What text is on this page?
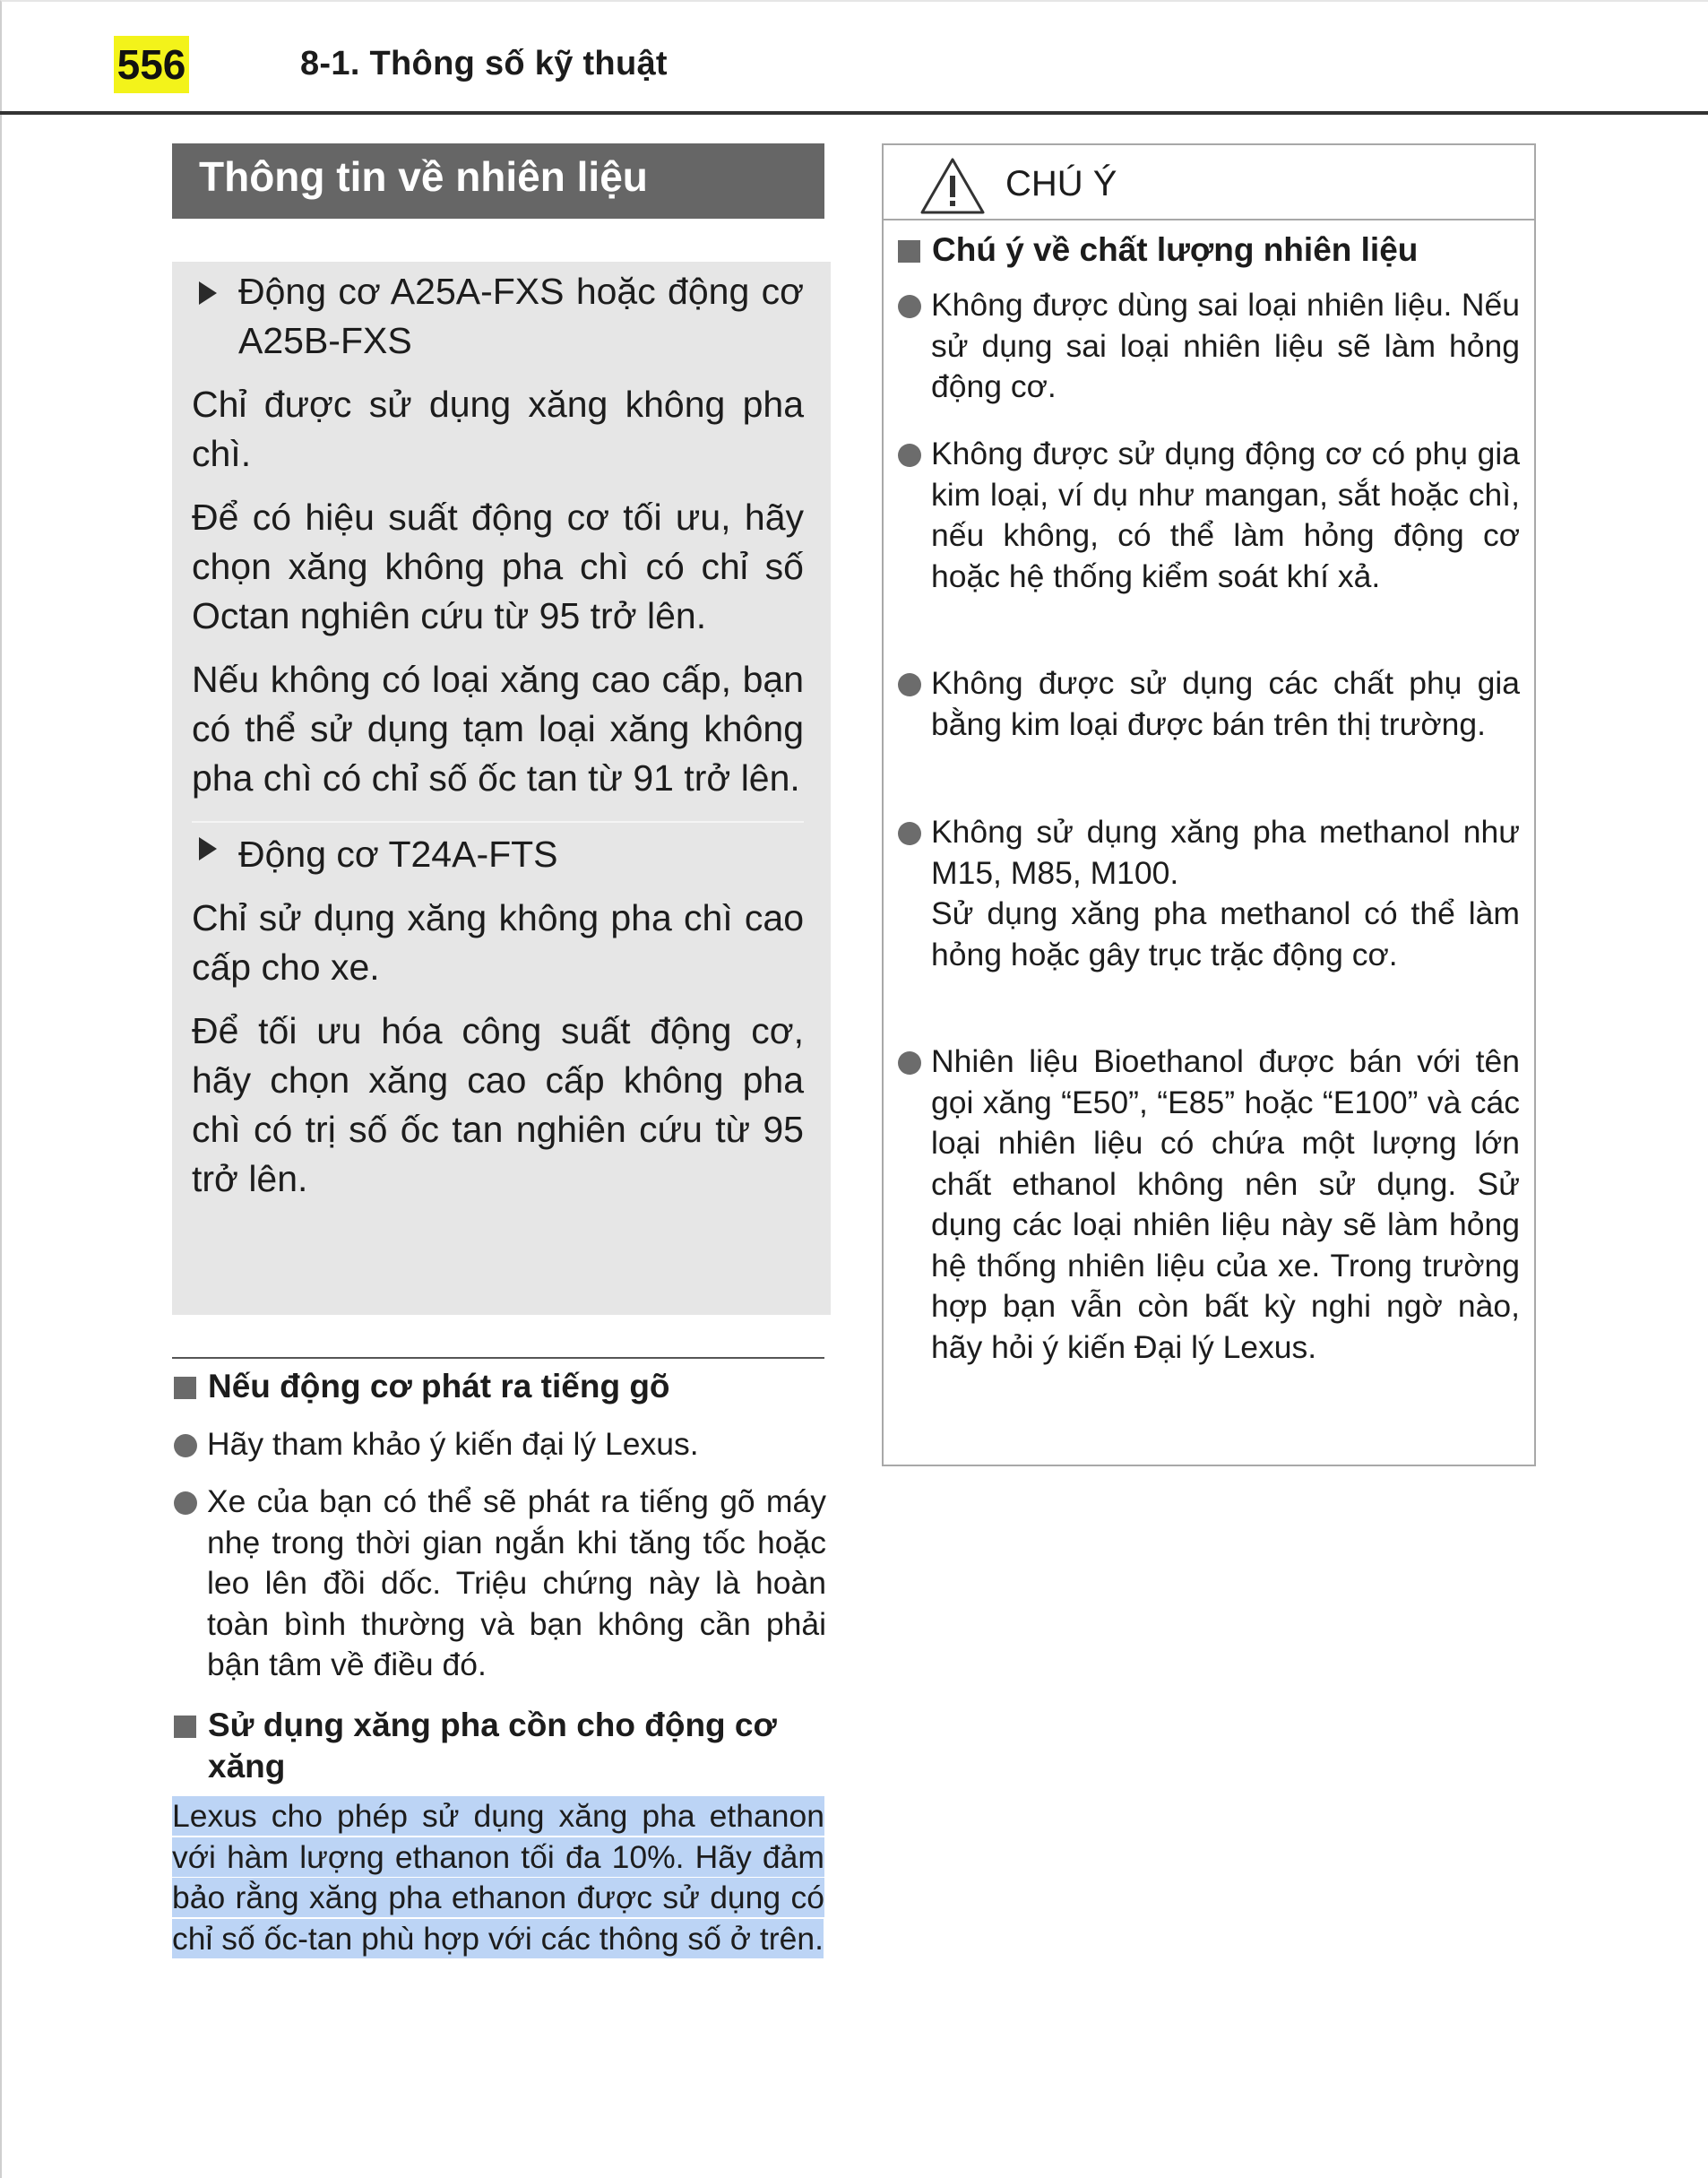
556	8-1. Thông số kỹ thuật
Thông tin về nhiên liệu
Động cơ A25A-FXS hoặc động cơ A25B-FXS

Chỉ được sử dụng xăng không pha chì.

Để có hiệu suất động cơ tối ưu, hãy chọn xăng không pha chì có chỉ số Octan nghiên cứu từ 95 trở lên.

Nếu không có loại xăng cao cấp, bạn có thể sử dụng tạm loại xăng không pha chì có chỉ số ốc tan từ 91 trở lên.

Động cơ T24A-FTS

Chỉ sử dụng xăng không pha chì cao cấp cho xe.

Để tối ưu hóa công suất động cơ, hãy chọn xăng cao cấp không pha chì có trị số ốc tan nghiên cứu từ 95 trở lên.

Nếu động cơ phát ra tiếng gõ
Hãy tham khảo ý kiến đại lý Lexus.
Xe của bạn có thể sẽ phát ra tiếng gõ máy nhẹ trong thời gian ngắn khi tăng tốc hoặc leo lên đồi dốc. Triệu chứng này là hoàn toàn bình thường và bạn không cần phải bận tâm về điều đó.
Sử dụng xăng pha cồn cho động cơ xăng

Lexus cho phép sử dụng xăng pha ethanon với hàm lượng ethanon tối đa 10%. Hãy đảm bảo rằng xăng pha ethanon được sử dụng có chỉ số ốc-tan phù hợp với các thông số ở trên.

CHÚ Ý
Chú ý về chất lượng nhiên liệu
Không được dùng sai loại nhiên liệu. Nếu sử dụng sai loại nhiên liệu sẽ làm hỏng động cơ.
Không được sử dụng động cơ có phụ gia kim loại, ví dụ như mangan, sắt hoặc chì, nếu không, có thể làm hỏng động cơ hoặc hệ thống kiểm soát khí xả.
Không được sử dụng các chất phụ gia bằng kim loại được bán trên thị trường.
Không sử dụng xăng pha methanol như M15, M85, M100.
Sử dụng xăng pha methanol có thể làm hỏng hoặc gây trục trặc động cơ.
Nhiên liệu Bioethanol được bán với tên gọi xăng “E50”, “E85” hoặc “E100” và các loại nhiên liệu có chứa một lượng lớn chất ethanol không nên sử dụng. Sử dụng các loại nhiên liệu này sẽ làm hỏng hệ thống nhiên liệu của xe. Trong trường hợp bạn vẫn còn bất kỳ nghi ngờ nào, hãy hỏi ý kiến Đại lý Lexus.
